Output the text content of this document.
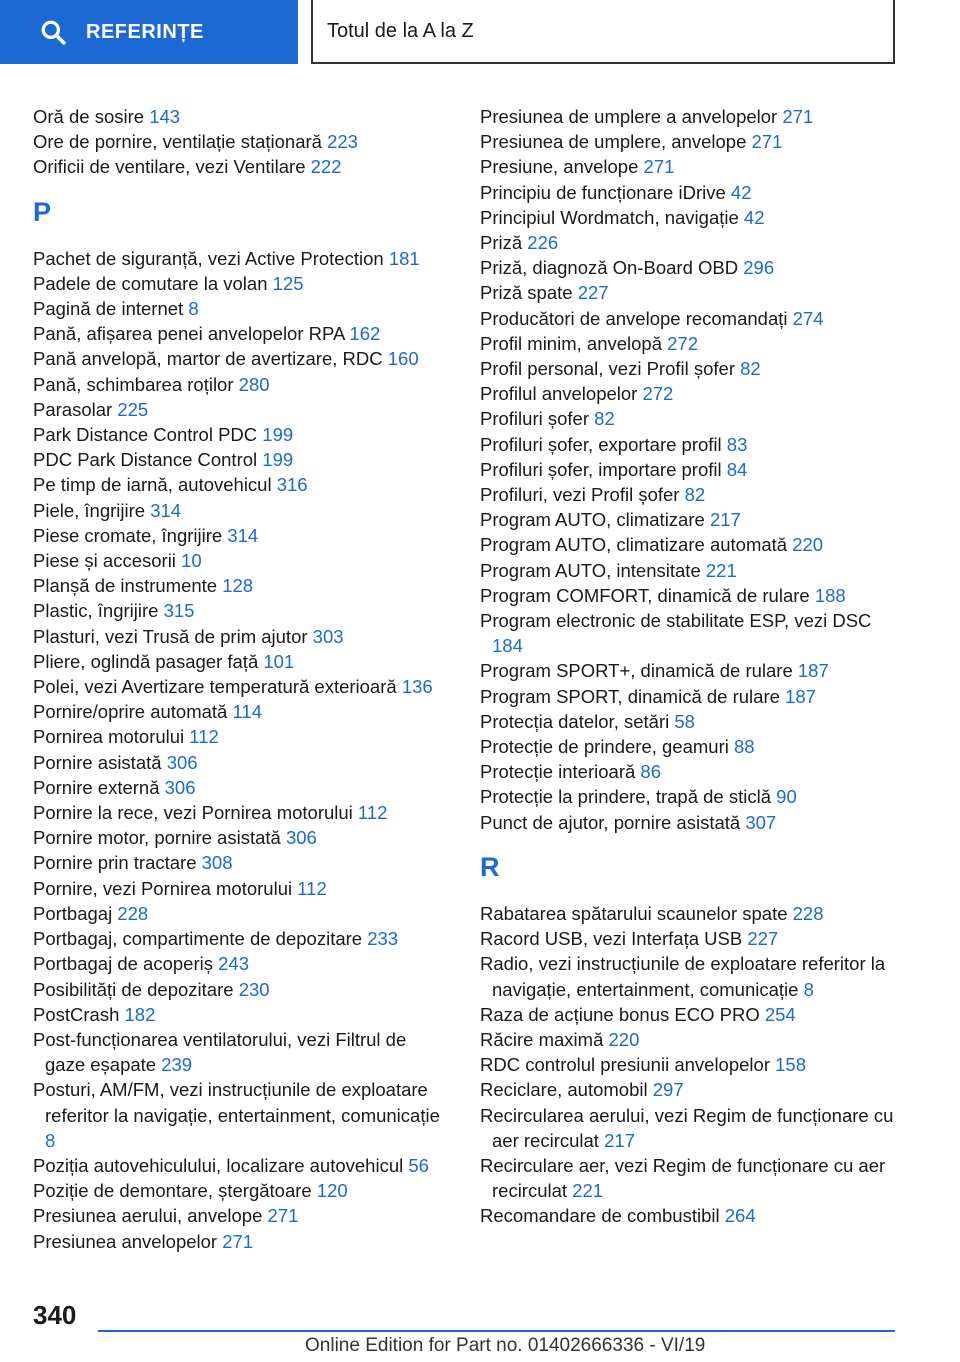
REFERINȚE	Totul de la A la Z
Oră de sosire 143
Ore de pornire, ventilație staționară 223
Orificii de ventilare, vezi Ventilare 222
P
Pachet de siguranță, vezi Active Protection 181
Padele de comutare la volan 125
Pagină de internet 8
Pană, afișarea penei anvelopelor RPA 162
Pană anvelopă, martor de avertizare, RDC 160
Pană, schimbarea roților 280
Parasolar 225
Park Distance Control PDC 199
PDC Park Distance Control 199
Pe timp de iarnă, autovehicul 316
Piele, îngrijire 314
Piese cromate, îngrijire 314
Piese și accesorii 10
Planșă de instrumente 128
Plastic, îngrijire 315
Plasturi, vezi Trusă de prim ajutor 303
Pliere, oglindă pasager față 101
Polei, vezi Avertizare temperatură exterioară 136
Pornire/oprire automată 114
Pornirea motorului 112
Pornire asistată 306
Pornire externă 306
Pornire la rece, vezi Pornirea motorului 112
Pornire motor, pornire asistată 306
Pornire prin tractare 308
Pornire, vezi Pornirea motorului 112
Portbagaj 228
Portbagaj, compartimente de depozitare 233
Portbagaj de acoperiș 243
Posibilități de depozitare 230
PostCrash 182
Post-funcționarea ventilatorului, vezi Filtrul de gaze eșapate 239
Posturi, AM/FM, vezi instrucțiunile de exploatare referitor la navigație, entertainment, comunicație 8
Poziția autovehiculului, localizare autovehicul 56
Poziție de demontare, ștergătoare 120
Presiunea aerului, anvelope 271
Presiunea anvelopelor 271
Presiunea de umplere a anvelopelor 271
Presiunea de umplere, anvelope 271
Presiune, anvelope 271
Principiu de funcționare iDrive 42
Principiul Wordmatch, navigație 42
Priză 226
Priză, diagnoză On-Board OBD 296
Priză spate 227
Producători de anvelope recomandați 274
Profil minim, anvelopă 272
Profil personal, vezi Profil șofer 82
Profilul anvelopelor 272
Profiluri șofer 82
Profiluri șofer, exportare profil 83
Profiluri șofer, importare profil 84
Profiluri, vezi Profil șofer 82
Program AUTO, climatizare 217
Program AUTO, climatizare automată 220
Program AUTO, intensitate 221
Program COMFORT, dinamică de rulare 188
Program electronic de stabilitate ESP, vezi DSC 184
Program SPORT+, dinamică de rulare 187
Program SPORT, dinamică de rulare 187
Protecția datelor, setări 58
Protecție de prindere, geamuri 88
Protecție interioară 86
Protecție la prindere, trapă de sticlă 90
Punct de ajutor, pornire asistată 307
R
Rabatarea spătarului scaunelor spate 228
Racord USB, vezi Interfața USB 227
Radio, vezi instrucțiunile de exploatare referitor la navigație, entertainment, comunicație 8
Raza de acțiune bonus ECO PRO 254
Răcire maximă 220
RDC controlul presiunii anvelopelor 158
Reciclare, automobil 297
Recircularea aerului, vezi Regim de funcționare cu aer recirculat 217
Recirculare aer, vezi Regim de funcționare cu aer recirculat 221
Recomandare de combustibil 264
340
Online Edition for Part no. 01402666336 - VI/19
